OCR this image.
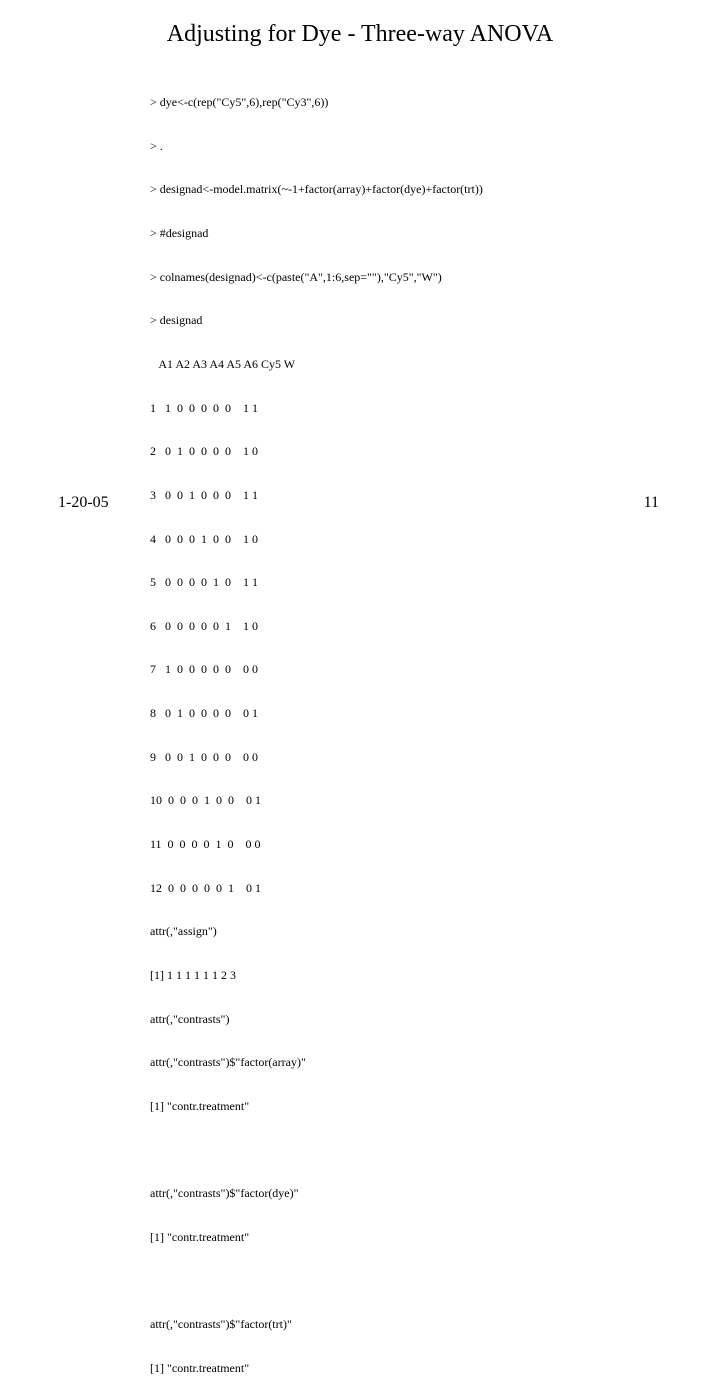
Adjusting for Dye - Three-way ANOVA

> dye<-c(rep("Cy5",6),rep("Cy3",6))

> .

> designad<-model.matrix(~-1+factor(array)+factor(dye)+factor(trt))

> #designad

> colnames(designad)<-c(paste("A",1:6,sep=""),"Cy5","W")

> designad

A1 A2 A3 A4 A5 A6 Cy5 W

1   1  0  0  0  0  0    1 1

2   0  1  0  0  0  0    1 0

3   0  0  1  0  0  0    1 1

4   0  0  0  1  0  0    1 0

5   0  0  0  0  1  0    1 1

6   0  0  0  0  0  1    1 0

7   1  0  0  0  0  0    0 0

8   0  1  0  0  0  0    0 1

9   0  0  1  0  0  0    0 0

10  0  0  0  1  0  0    0 1

11  0  0  0  0  1  0    0 0

12  0  0  0  0  0  1    0 1

attr(,"assign")

[1] 1 1 1 1 1 1 2 3

attr(,"contrasts")

attr(,"contrasts")$"factor(array)"

[1] "contr.treatment"

attr(,"contrasts")$"factor(dye)"

[1] "contr.treatment"

attr(,"contrasts")$"factor(trt)"

[1] "contr.treatment"

1-20-05	11
